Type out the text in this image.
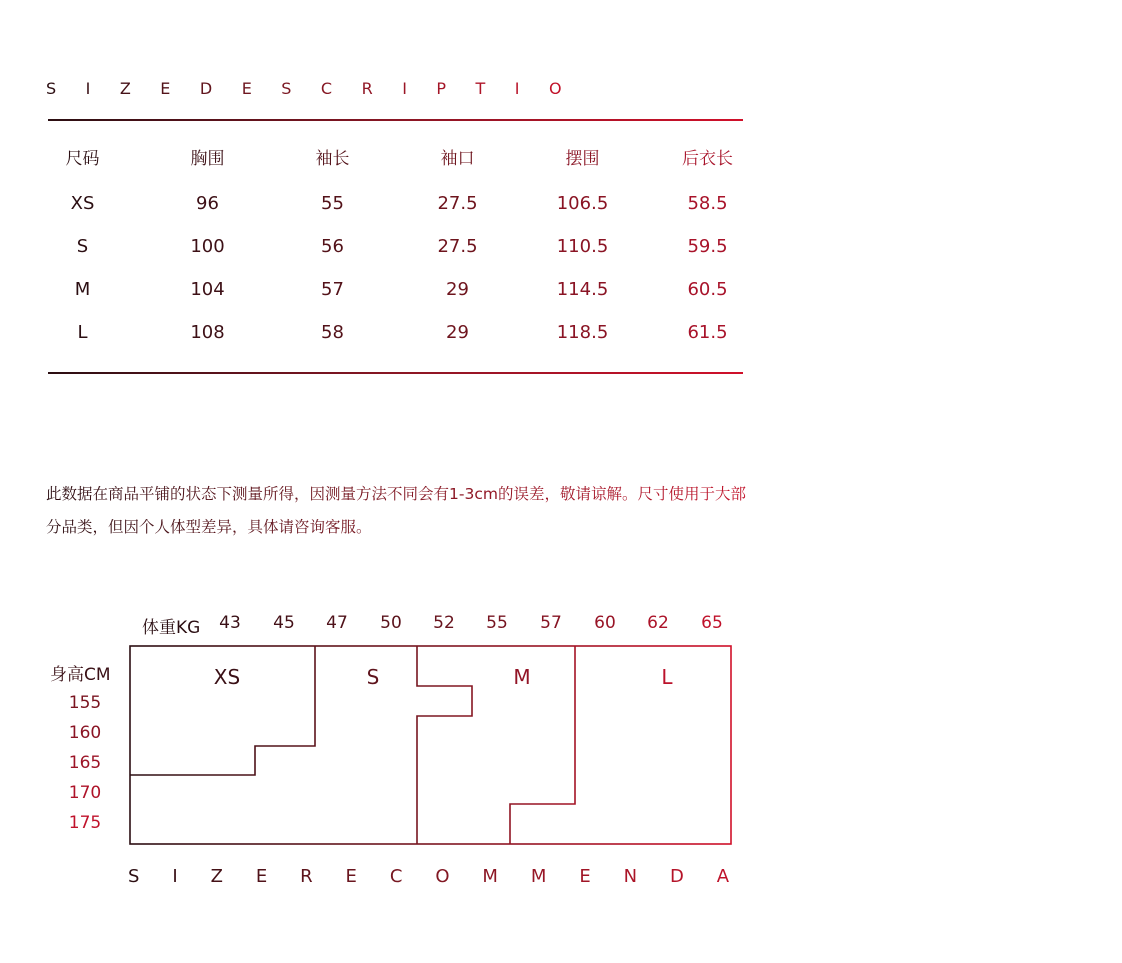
S I Z E D E S C R I P T I O N 尺 码 描 述
尺码	胸围	袖长	袖口	摆围	后衣长
XS	96	55	27.5	106.5	58.5
S	100	56	27.5	110.5	59.5
M	104	57	29	114.5	60.5
L	108	58	29	118.5	61.5
此数据在商品平铺的状态下测量所得，因测量方法不同会有1-3cm的误差，敬请谅解。尺寸使用于大部分品类，但因个人体型差异，具体请咨询客服。
体重KG	43	45	47	50	52	55	57	60	62	65
身高CM
155
160
165
170
175
XS	S	M	L
S I Z E R E C O M M E N D A T I O N 尺 码 建 议
